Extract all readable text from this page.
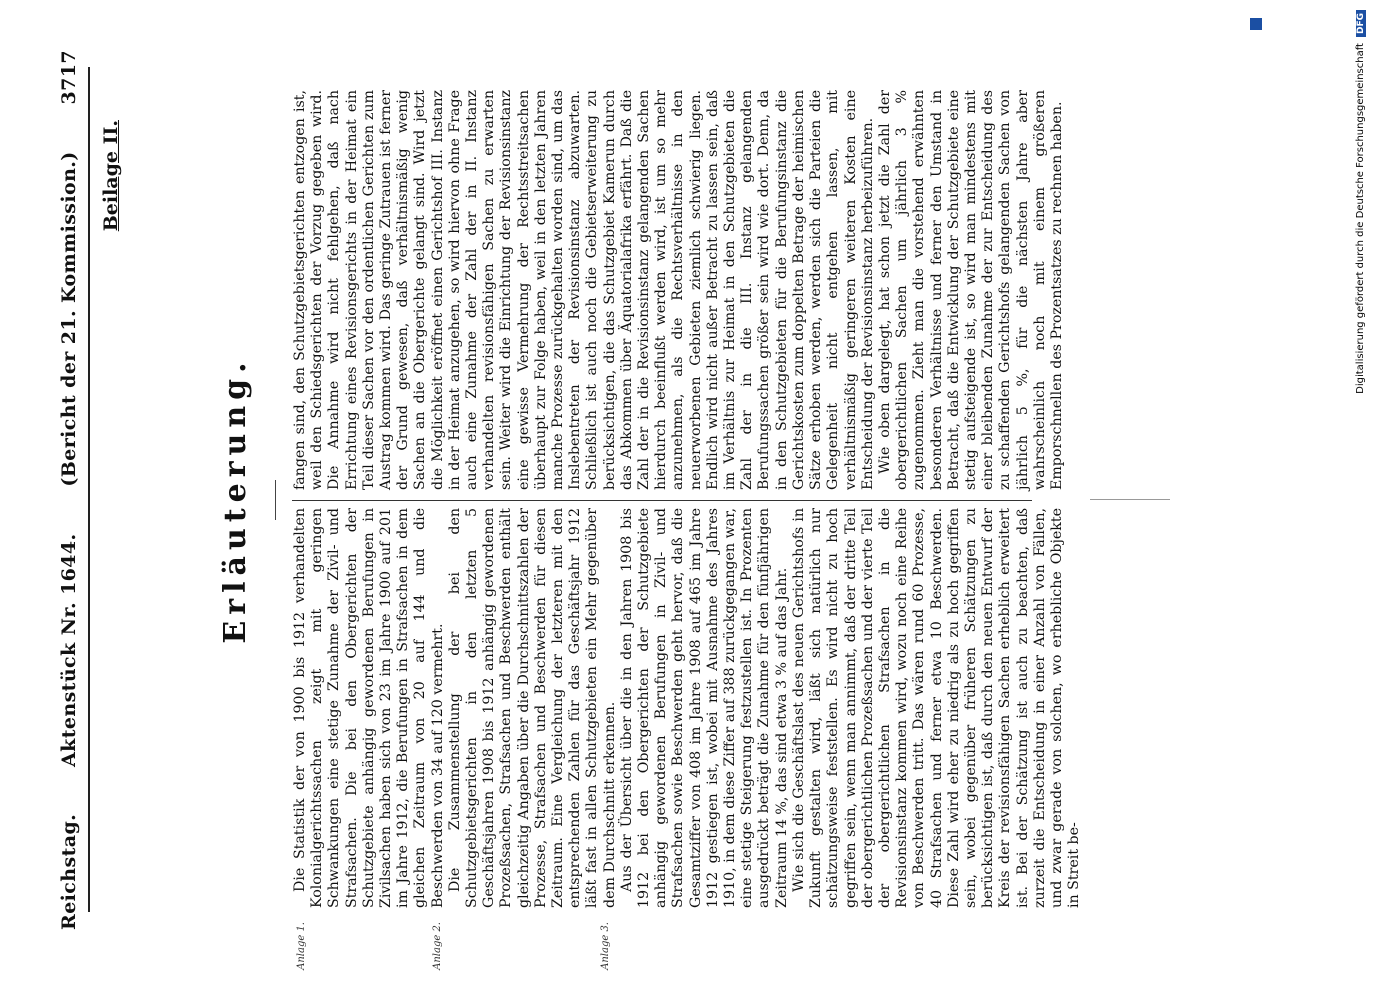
Reichstag.
Aktenstück Nr. 1644.
(Bericht der 21. Kommission.)
3717
Beilage II.
Erläuterung.
Anlage 1.	Anlage 2.	Anlage 3.

Die Statistik der von 1900 bis 1912 verhandelten Kolonialgerichtssachen zeigt mit geringen Schwankungen eine stetige Zunahme der Zivil- und Strafsachen. Die bei den Obergerichten der Schutzgebiete anhängig gewordenen Berufungen in Zivilsachen haben sich von 23 im Jahre 1900 auf 201 im Jahre 1912, die Berufungen in Strafsachen in dem gleichen Zeitraum von 20 auf 144 und die Beschwerden von 34 auf 120 vermehrt. Die Zusammenstellung der bei den Schutzgebietsgerichten in den letzten 5 Geschäftsjahren 1908 bis 1912 anhängig gewordenen Prozeßsachen, Strafsachen und Beschwerden enthält gleichzeitig Angaben über die Durchschnittszahlen der Prozesse, Strafsachen und Beschwerden für diesen Zeitraum. Eine Vergleichung der letzteren mit den entsprechenden Zahlen für das Geschäftsjahr 1912 läßt fast in allen Schutzgebieten ein Mehr gegenüber dem Durchschnitt erkennen. Aus der Übersicht über die in den Jahren 1908 bis 1912 bei den Obergerichten der Schutzgebiete anhängig gewordenen Berufungen in Zivil- und Strafsachen sowie Beschwerden geht hervor, daß die Gesamtziffer von 408 im Jahre 1908 auf 465 im Jahre 1912 gestiegen ist, wobei mit Ausnahme des Jahres 1910, in dem diese Ziffer auf 388 zurückgegangen war, eine stetige Steigerung festzustellen ist. In Prozenten ausgedrückt beträgt die Zunahme für den fünfjährigen Zeitraum 14 %, das sind etwa 3 % auf das Jahr. Wie sich die Geschäftslast des neuen Gerichtshofs in Zukunft gestalten wird, läßt sich natürlich nur schätzungsweise feststellen. Es wird nicht zu hoch gegriffen sein, wenn man annimmt, daß der dritte Teil der obergerichtlichen Prozeßsachen und der vierte Teil der obergerichtlichen Strafsachen in die Revisionsinstanz kommen wird, wozu noch eine Reihe von Beschwerden tritt. Das wären rund 60 Prozesse, 40 Strafsachen und ferner etwa 10 Beschwerden. Diese Zahl wird eher zu niedrig als zu hoch gegriffen sein, wobei gegenüber früheren Schätzungen zu berücksichtigen ist, daß durch den neuen Entwurf der Kreis der revisionsfähigen Sachen erheblich erweitert ist. Bei der Schätzung ist auch zu beachten, daß zurzeit die Entscheidung in einer Anzahl von Fällen, und zwar gerade von solchen, wo erhebliche Objekte in Streit be-

fangen sind, den Schutzgebietsgerichten entzogen ist, weil den Schiedsgerichten der Vorzug gegeben wird. Die Annahme wird nicht fehlgehen, daß nach Errichtung eines Revisionsgerichts in der Heimat ein Teil dieser Sachen vor den ordentlichen Gerichten zum Austrag kommen wird. Das geringe Zutrauen ist ferner der Grund gewesen, daß verhältnismäßig wenig Sachen an die Obergerichte gelangt sind. Wird jetzt die Möglichkeit eröffnet einen Gerichtshof III. Instanz in der Heimat anzugehen, so wird hiervon ohne Frage auch eine Zunahme der Zahl der in II. Instanz verhandelten revisionsfähigen Sachen zu erwarten sein. Weiter wird die Einrichtung der Revisionsinstanz eine gewisse Vermehrung der Rechtsstreitsachen überhaupt zur Folge haben, weil in den letzten Jahren manche Prozesse zurückgehalten worden sind, um das Inslebentreten der Revisionsinstanz abzuwarten. Schließlich ist auch noch die Gebietserweiterung zu berücksichtigen, die das Schutzgebiet Kamerun durch das Abkommen über Äquatorialafrika erfährt. Daß die Zahl der in die Revisionsinstanz gelangenden Sachen hierdurch beeinflußt werden wird, ist um so mehr anzunehmen, als die Rechtsverhältnisse in den neuerworbenen Gebieten ziemlich schwierig liegen. Endlich wird nicht außer Betracht zu lassen sein, daß im Verhältnis zur Heimat in den Schutzgebieten die Zahl der in die III. Instanz gelangenden Berufungssachen größer sein wird wie dort. Denn, da in den Schutzgebieten für die Berufungsinstanz die Gerichtskosten zum doppelten Betrage der heimischen Sätze erhoben werden, werden sich die Parteien die Gelegenheit nicht entgehen lassen, mit verhältnismäßig geringeren weiteren Kosten eine Entscheidung der Revisionsinstanz herbeizuführen. Wie oben dargelegt, hat schon jetzt die Zahl der obergerichtlichen Sachen um jährlich 3 % zugenommen. Zieht man die vorstehend erwähnten besonderen Verhältnisse und ferner den Umstand in Betracht, daß die Entwicklung der Schutzgebiete eine stetig aufsteigende ist, so wird man mindestens mit einer bleibenden Zunahme der zur Entscheidung des zu schaffenden Gerichtshofs gelangenden Sachen von jährlich 5 %, für die nächsten Jahre aber wahrscheinlich noch mit einem größeren Emporschnellen des Prozentsatzes zu rechnen haben.	Digitalisierung gefördert durch die Deutsche ForschungsgemeinschaftDFG
